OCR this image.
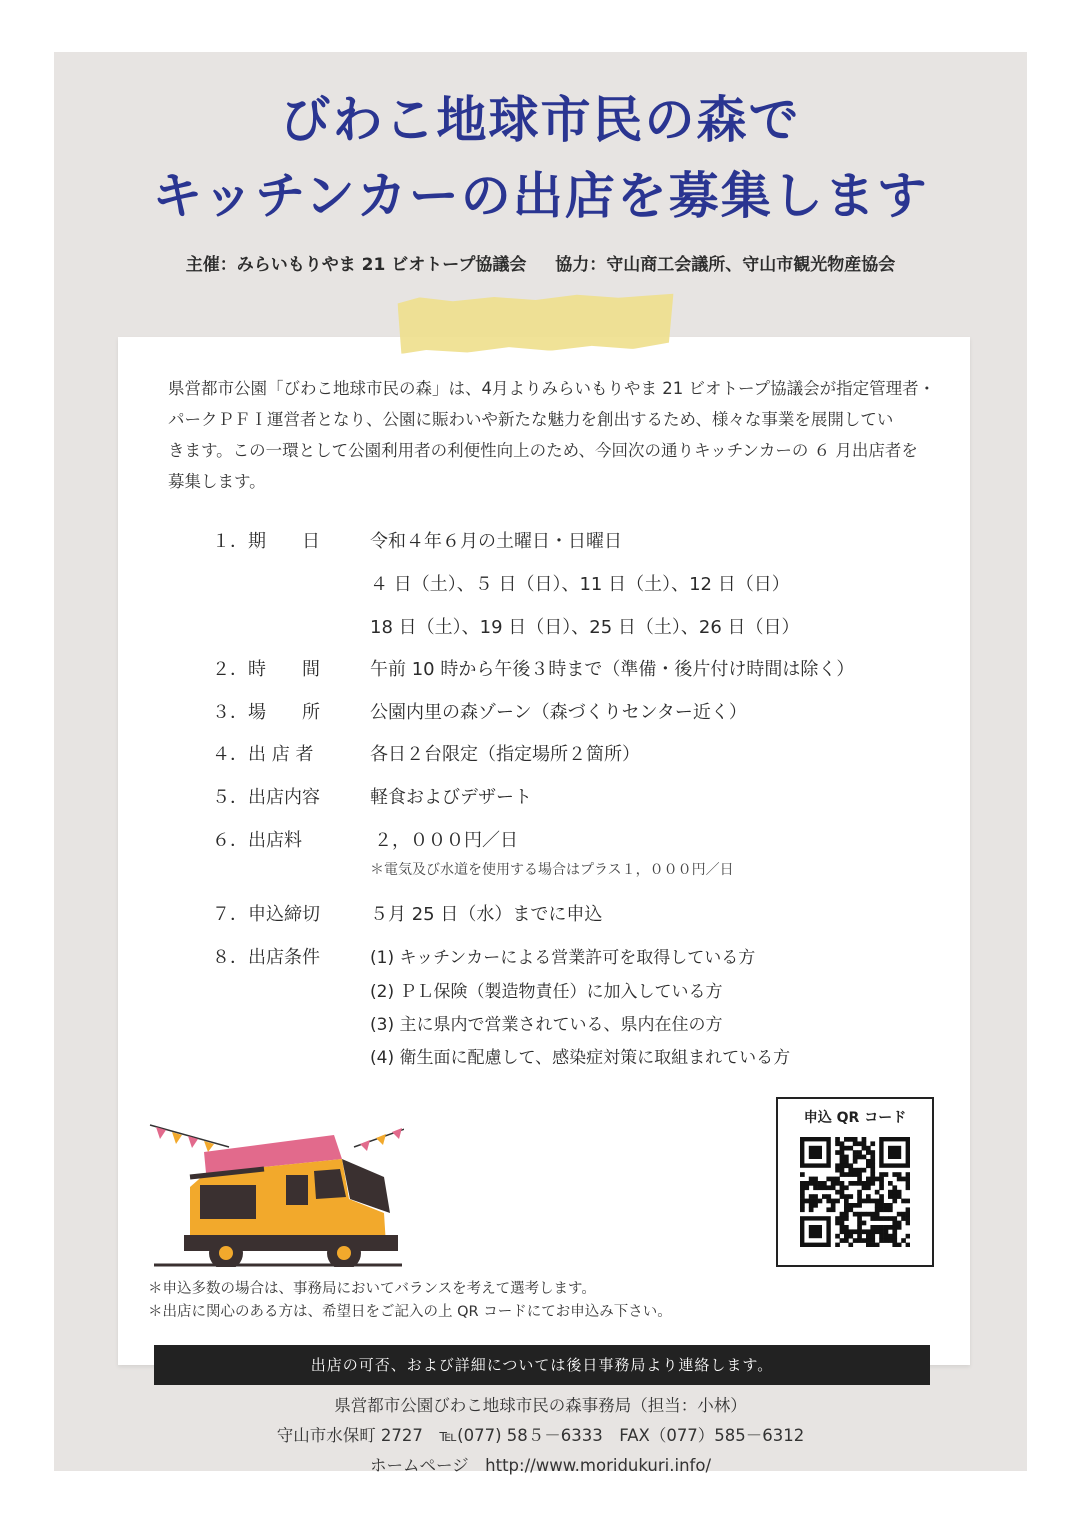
びわこ地球市民の森で
キッチンカーの出店を募集します
主催：みらいもりやま 21 ビオトープ協議会　  協力：守山商工会議所、守山市観光物産協会

県営都市公園「びわこ地球市民の森」は、4月よりみらいもりやま 21 ビオトープ協議会が指定管理者・

パークＰＦＩ運営者となり、公園に賑わいや新たな魅力を創出するため、様々な事業を展開してい

きます。この一環として公園利用者の利便性向上のため、今回次の通りキッチンカーの ６ 月出店者を

募集します。

１．期　　日	令和４年６月の土曜日・日曜日
４ 日（土）、５ 日（日）、11 日（土）、12 日（日）
18 日（土）、19 日（日）、25 日（土）、26 日（日）
２．時　　間	午前 10 時から午後３時まで（準備・後片付け時間は除く）
３．場　　所	公園内里の森ゾーン（森づくりセンター近く）
４．出 店 者	各日２台限定（指定場所２箇所）
５．出店内容	軽食およびデザート
６．出店料	２，０００円／日
＊電気及び水道を使用する場合はプラス１，０００円／日
７．申込締切	５月 25 日（水）までに申込
８．出店条件	(1) キッチンカーによる営業許可を取得している方
(2) ＰＬ保険（製造物責任）に加入している方
(3) 主に県内で営業されている、県内在住の方
(4) 衛生面に配慮して、感染症対策に取組まれている方
申込 QR コード
＊申込多数の場合は、事務局においてバランスを考えて選考します。
＊出店に関心のある方は、希望日をご記入の上 QR コードにてお申込み下さい。
出店の可否、および詳細については後日事務局より連絡します。
県営都市公園びわこ地球市民の森事務局（担当：小林）
守山市水保町 2727　℡(077) 58５－6333　FAX（077）585－6312
ホームページ　http://www.moridukuri.info/
